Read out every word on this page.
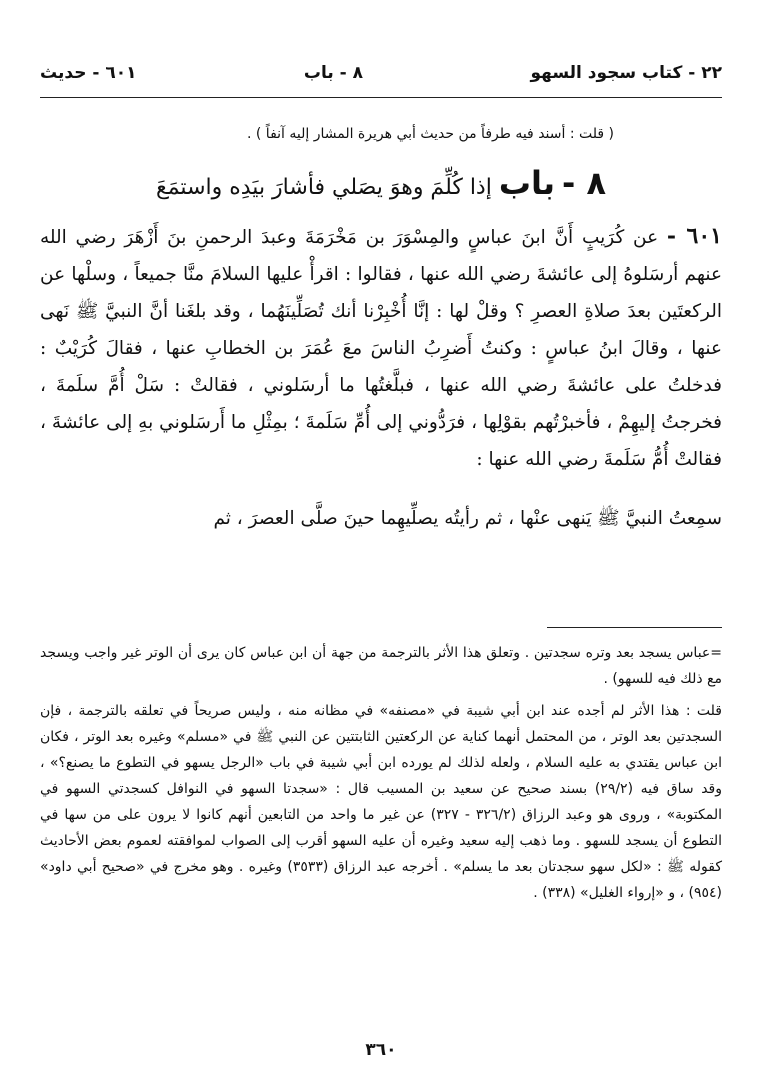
٢٢ - كتاب سجود السهو
٨ - باب
٦٠١ - حديث

( قلت : أسند فيه طرفاً من حديث أبي هريرة المشار إليه آنفاً ) .

٨ - باب إذا كُلِّمَ وهوَ يصَلي فأشارَ بيَدِه واستمَعَ

٦٠١ - عن كُرَيبٍ أَنَّ ابنَ عباسٍ والمِسْوَرَ بن مَخْرَمَةَ وعبدَ الرحمنِ بنَ أَزْهَرَ رضي الله عنهم أرسَلوهُ إلى عائشةَ رضي الله عنها ، فقالوا : اقرأْ عليها السلامَ منَّا جميعاً ، وسلْها عن الركعتَين بعدَ صلاةِ العصرِ ؟ وقلْ لها : إنَّا أُخْبِرْنا أنك تُصَلِّينَهُما ، وقد بلغَنا أنَّ النبيَّ ﷺ نَهى عنها ، وقالَ ابنُ عباسٍ : وكنتُ أَضرِبُ الناسَ معَ عُمَرَ بن الخطابِ عنها ، فقالَ كُرَيْبٌ : فدخلتُ على عائشةَ رضي الله عنها ، فبلَّغتُها ما أرسَلوني ، فقالتْ : سَلْ أُمَّ سلَمةَ ، فخرجتُ إليهِمْ ، فأخبرْتُهم بقوْلِها ، فرَدُّوني إلى أُمِّ سَلَمةَ ؛ بمِثْلِ ما أَرسَلوني بهِ إلى عائشةَ ، فقالتْ أُمُّ سَلَمةَ رضي الله عنها :

سمِعتُ النبيَّ ﷺ يَنهى عنْها ، ثم رأيتُه يصلِّيهِما حينَ صلَّى العصرَ ، ثم

=عباس يسجد بعد وتره سجدتين . وتعلق هذا الأثر بالترجمة من جهة أن ابن عباس كان يرى أن الوتر غير واجب ويسجد مع ذلك فيه للسهو) .

قلت : هذا الأثر لم أجده عند ابن أبي شيبة في «مصنفه» في مظانه منه ، وليس صريحاً في تعلقه بالترجمة ، فإن السجدتين بعد الوتر ، من المحتمل أنهما كناية عن الركعتين الثابتتين عن النبي ﷺ في «مسلم» وغيره بعد الوتر ، فكان ابن عباس يقتدي به عليه السلام ، ولعله لذلك لم يورده ابن أبي شيبة في باب «الرجل يسهو في التطوع ما يصنع؟» ، وقد ساق فيه (٢٩/٢) بسند صحيح عن سعيد بن المسيب قال : «سجدتا السهو في النوافل كسجدتي السهو في المكتوبة» ، وروى هو وعبد الرزاق (٣٢٦/٢ - ٣٢٧) عن غير ما واحد من التابعين أنهم كانوا لا يرون على من سها في التطوع أن يسجد للسهو . وما ذهب إليه سعيد وغيره أن عليه السهو أقرب إلى الصواب لموافقته لعموم بعض الأحاديث كقوله ﷺ : «لكل سهو سجدتان بعد ما يسلم» . أخرجه عبد الرزاق (٣٥٣٣) وغيره . وهو مخرج في «صحيح أبي داود» (٩٥٤) ، و «إرواء الغليل» (٣٣٨) .

٣٦٠
